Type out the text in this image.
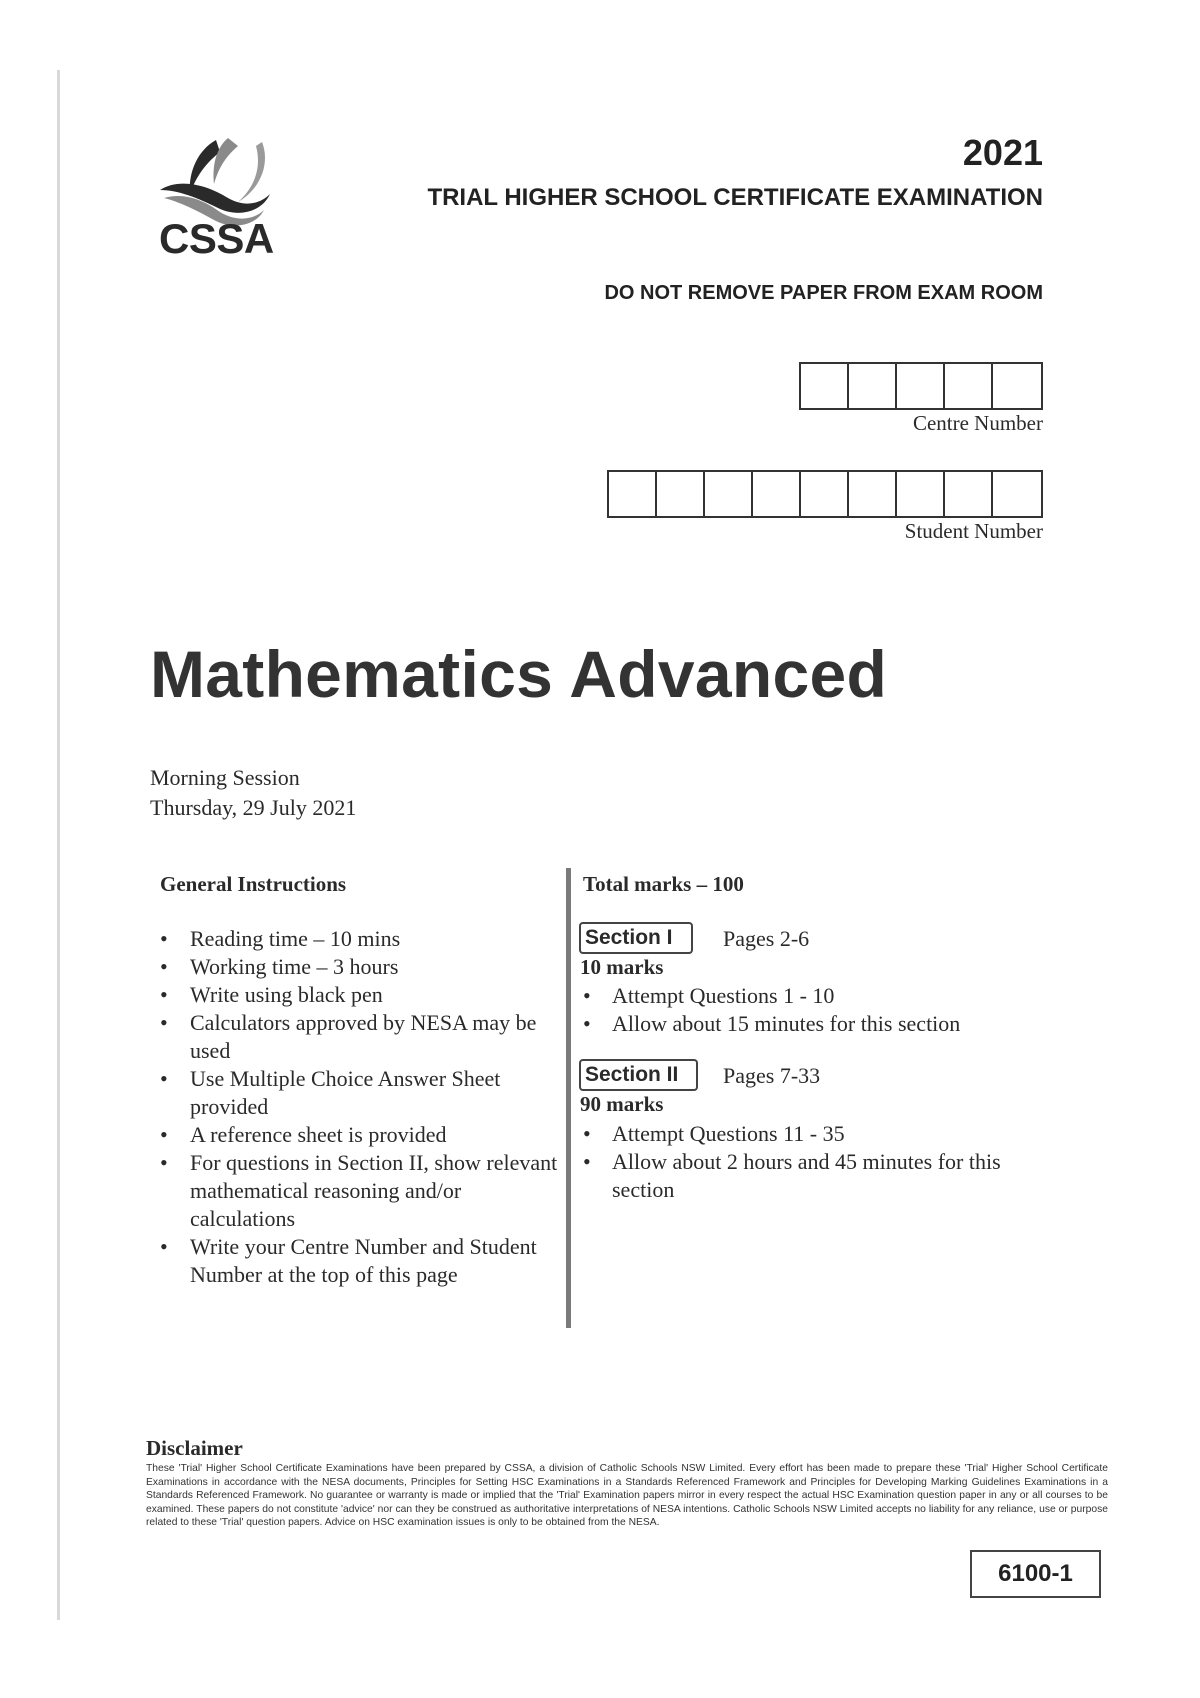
CSSA
2021
TRIAL HIGHER SCHOOL CERTIFICATE EXAMINATION
DO NOT REMOVE PAPER FROM EXAM ROOM
Centre Number
Student Number
Mathematics Advanced
Morning Session
Thursday, 29 July 2021
General Instructions
• Reading time – 10 mins
• Working time – 3 hours
• Write using black pen
• Calculators approved by NESA may be used
• Use Multiple Choice Answer Sheet provided
• A reference sheet is provided
• For questions in Section II, show relevant mathematical reasoning and/or calculations
• Write your Centre Number and Student Number at the top of this page
Total marks – 100
Section I	Pages 2-6
10 marks
• Attempt Questions 1 - 10
• Allow about 15 minutes for this section
Section II	Pages 7-33
90 marks
• Attempt Questions 11 - 35
• Allow about 2 hours and 45 minutes for this section
Disclaimer
These 'Trial' Higher School Certificate Examinations have been prepared by CSSA, a division of Catholic Schools NSW Limited. Every effort has been made to prepare these 'Trial' Higher School Certificate Examinations in accordance with the NESA documents, Principles for Setting HSC Examinations in a Standards Referenced Framework and Principles for Developing Marking Guidelines Examinations in a Standards Referenced Framework. No guarantee or warranty is made or implied that the 'Trial' Examination papers mirror in every respect the actual HSC Examination question paper in any or all courses to be examined. These papers do not constitute 'advice' nor can they be construed as authoritative interpretations of NESA intentions. Catholic Schools NSW Limited accepts no liability for any reliance, use or purpose related to these 'Trial' question papers. Advice on HSC examination issues is only to be obtained from the NESA.
6100-1
